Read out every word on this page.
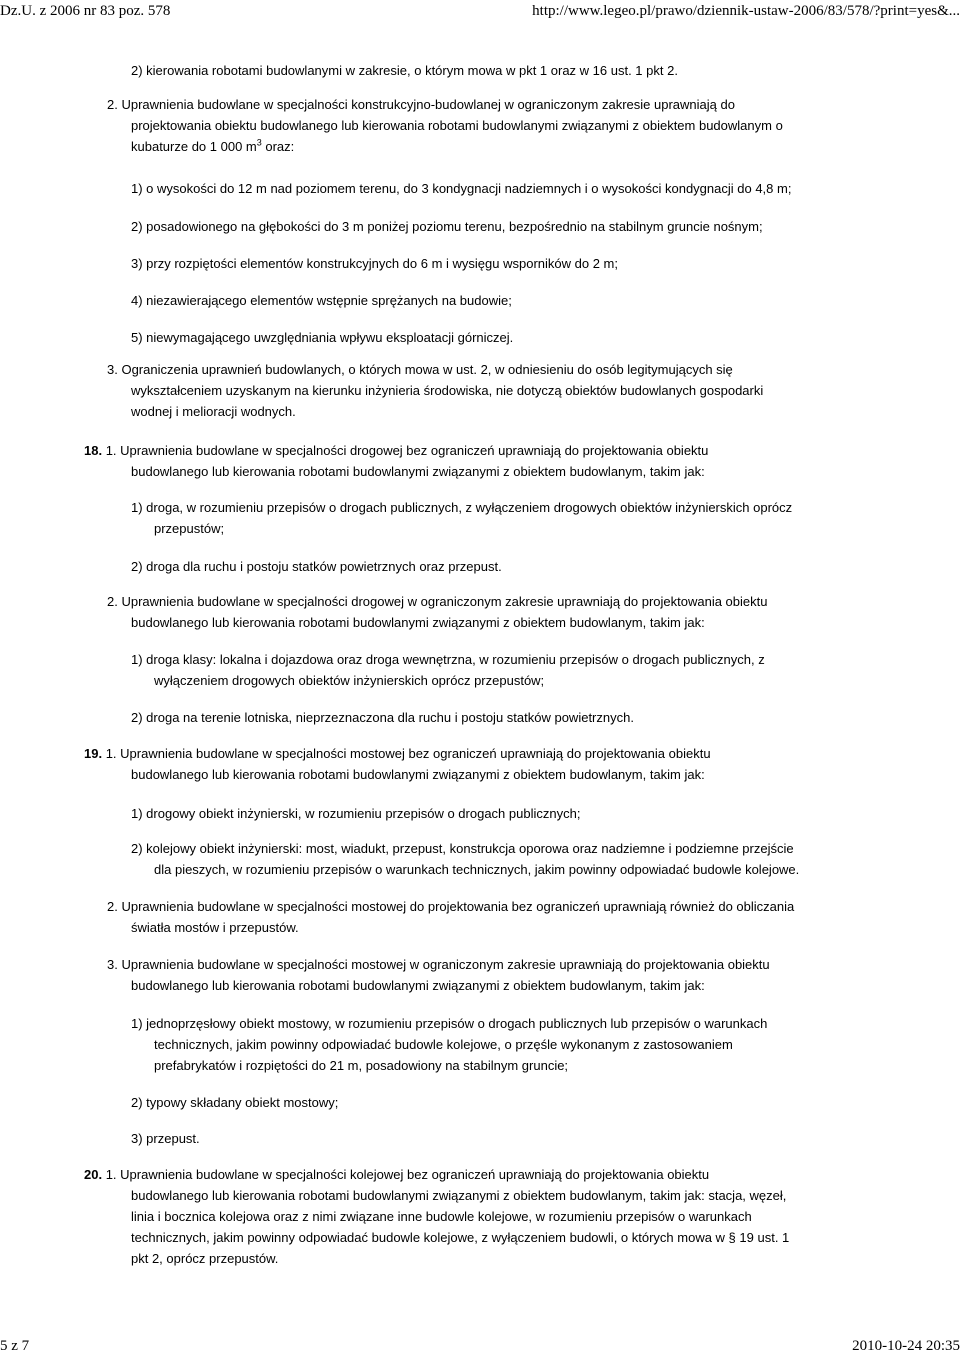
Dz.U. z 2006 nr 83 poz. 578	http://www.legeo.pl/prawo/dziennik-ustaw-2006/83/578/?print=yes&...
2) kierowania robotami budowlanymi w zakresie, o którym mowa w pkt 1 oraz w 16 ust. 1 pkt 2.
2. Uprawnienia budowlane w specjalności konstrukcyjno-budowlanej w ograniczonym zakresie uprawniają do
projektowania obiektu budowlanego lub kierowania robotami budowlanymi związanymi z obiektem budowlanym o
kubaturze do 1 000 $m^3$ oraz:
1) o wysokości do 12 m nad poziomem terenu, do 3 kondygnacji nadziemnych i o wysokości kondygnacji do 4,8 m;
2) posadowionego na głębokości do 3 m poniżej poziomu terenu, bezpośrednio na stabilnym gruncie nośnym;
3) przy rozpiętości elementów konstrukcyjnych do 6 m i wysięgu wsporników do 2 m;
4) niezawierającego elementów wstępnie sprężanych na budowie;
5) niewymagającego uwzględniania wpływu eksploatacji górniczej.
3. Ograniczenia uprawnień budowlanych, o których mowa w ust. 2, w odniesieniu do osób legitymujących się
wykształceniem uzyskanym na kierunku inżynieria środowiska, nie dotyczą obiektów budowlanych gospodarki
wodnej i melioracji wodnych.
18. 1. Uprawnienia budowlane w specjalności drogowej bez ograniczeń uprawniają do projektowania obiektu
budowlanego lub kierowania robotami budowlanymi związanymi z obiektem budowlanym, takim jak:
1) droga, w rozumieniu przepisów o drogach publicznych, z wyłączeniem drogowych obiektów inżynierskich oprócz
przepustów;
2) droga dla ruchu i postoju statków powietrznych oraz przepust.
2. Uprawnienia budowlane w specjalności drogowej w ograniczonym zakresie uprawniają do projektowania obiektu
budowlanego lub kierowania robotami budowlanymi związanymi z obiektem budowlanym, takim jak:
1) droga klasy: lokalna i dojazdowa oraz droga wewnętrzna, w rozumieniu przepisów o drogach publicznych, z
wyłączeniem drogowych obiektów inżynierskich oprócz przepustów;
2) droga na terenie lotniska, nieprzeznaczona dla ruchu i postoju statków powietrznych.
19. 1. Uprawnienia budowlane w specjalności mostowej bez ograniczeń uprawniają do projektowania obiektu
budowlanego lub kierowania robotami budowlanymi związanymi z obiektem budowlanym, takim jak:
1) drogowy obiekt inżynierski, w rozumieniu przepisów o drogach publicznych;
2) kolejowy obiekt inżynierski: most, wiadukt, przepust, konstrukcja oporowa oraz nadziemne i podziemne przejście
dla pieszych, w rozumieniu przepisów o warunkach technicznych, jakim powinny odpowiadać budowle kolejowe.
2. Uprawnienia budowlane w specjalności mostowej do projektowania bez ograniczeń uprawniają również do obliczania
światła mostów i przepustów.
3. Uprawnienia budowlane w specjalności mostowej w ograniczonym zakresie uprawniają do projektowania obiektu
budowlanego lub kierowania robotami budowlanymi związanymi z obiektem budowlanym, takim jak:
1) jednoprzęsłowy obiekt mostowy, w rozumieniu przepisów o drogach publicznych lub przepisów o warunkach
technicznych, jakim powinny odpowiadać budowle kolejowe, o przęśle wykonanym z zastosowaniem
prefabrykatów i rozpiętości do 21 m, posadowiony na stabilnym gruncie;
2) typowy składany obiekt mostowy;
3) przepust.
20. 1. Uprawnienia budowlane w specjalności kolejowej bez ograniczeń uprawniają do projektowania obiektu
budowlanego lub kierowania robotami budowlanymi związanymi z obiektem budowlanym, takim jak: stacja, węzeł,
linia i bocznica kolejowa oraz z nimi związane inne budowle kolejowe, w rozumieniu przepisów o warunkach
technicznych, jakim powinny odpowiadać budowle kolejowe, z wyłączeniem budowli, o których mowa w § 19 ust. 1
pkt 2, oprócz przepustów.
5 z 7	2010-10-24 20:35
